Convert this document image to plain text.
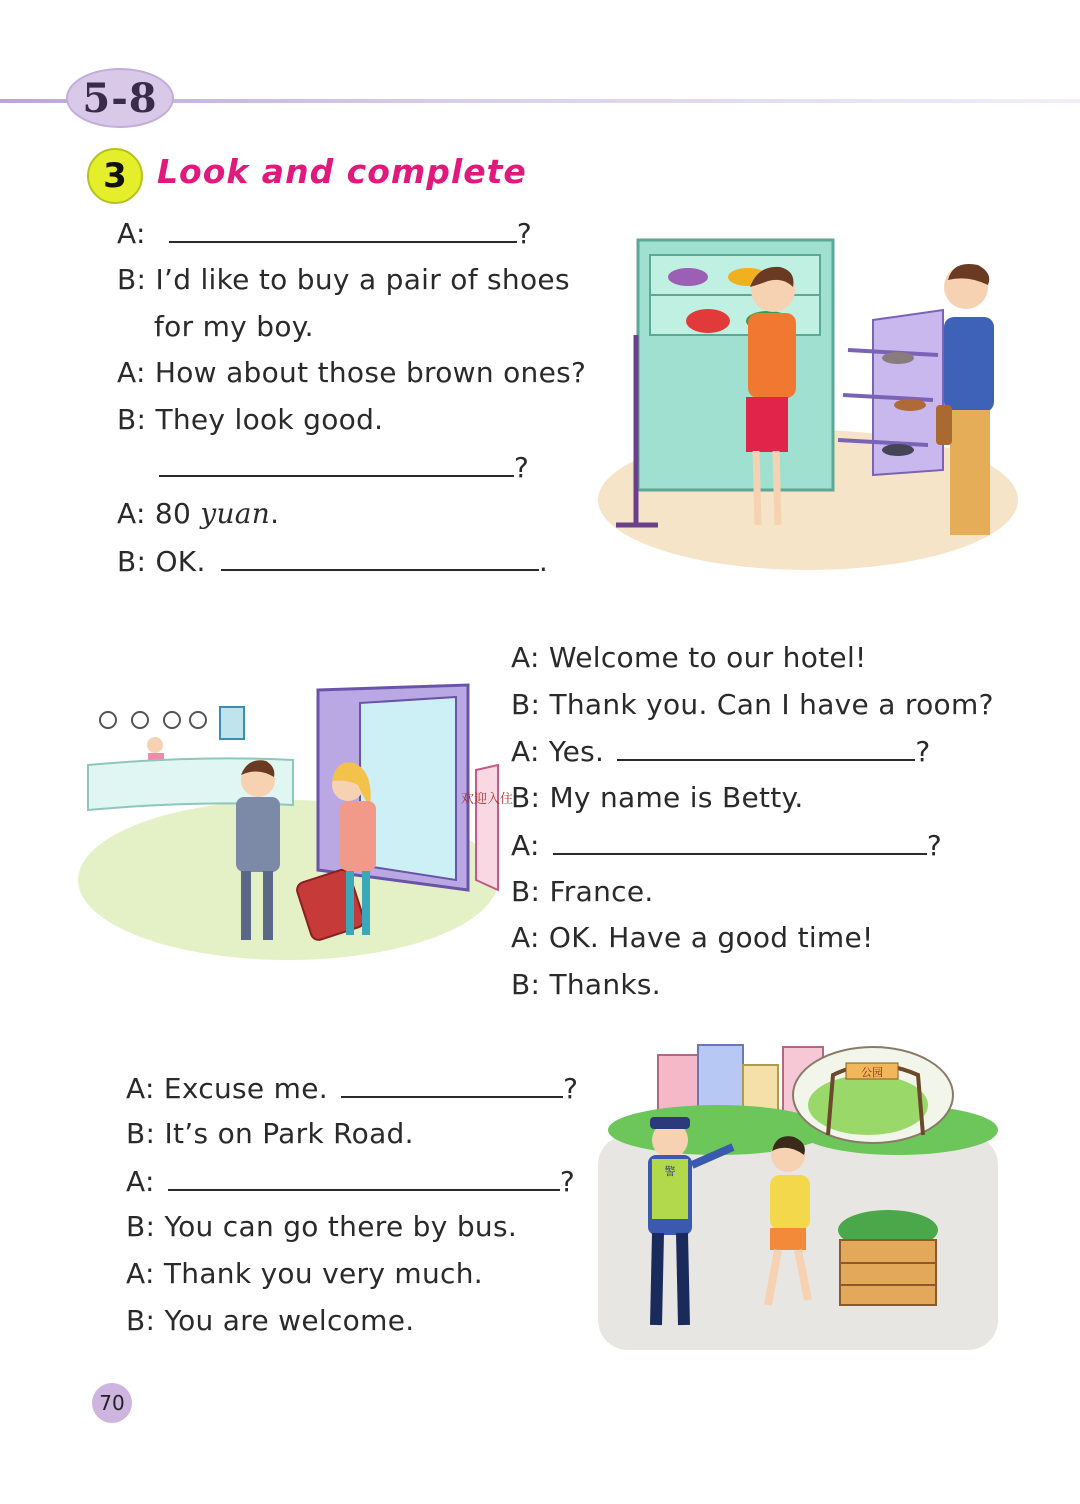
5-8
3 Look and complete
A:	?
B: I’d like to buy a pair of shoes
for my boy.
A: How about those brown ones?
B: They look good.
?
A: 80 yuan.
B: OK.	.
A: Welcome to our hotel!
B: Thank you. Can I have a room?
A: Yes.	?
B: My name is Betty.
A:	?
B: France.
A: OK. Have a good time!
B: Thanks.
欢迎入住
A: Excuse me.	?
B: It’s on Park Road.
A:	?
B: You can go there by bus.
A: Thank you very much.
B: You are welcome.
公园
警
70
